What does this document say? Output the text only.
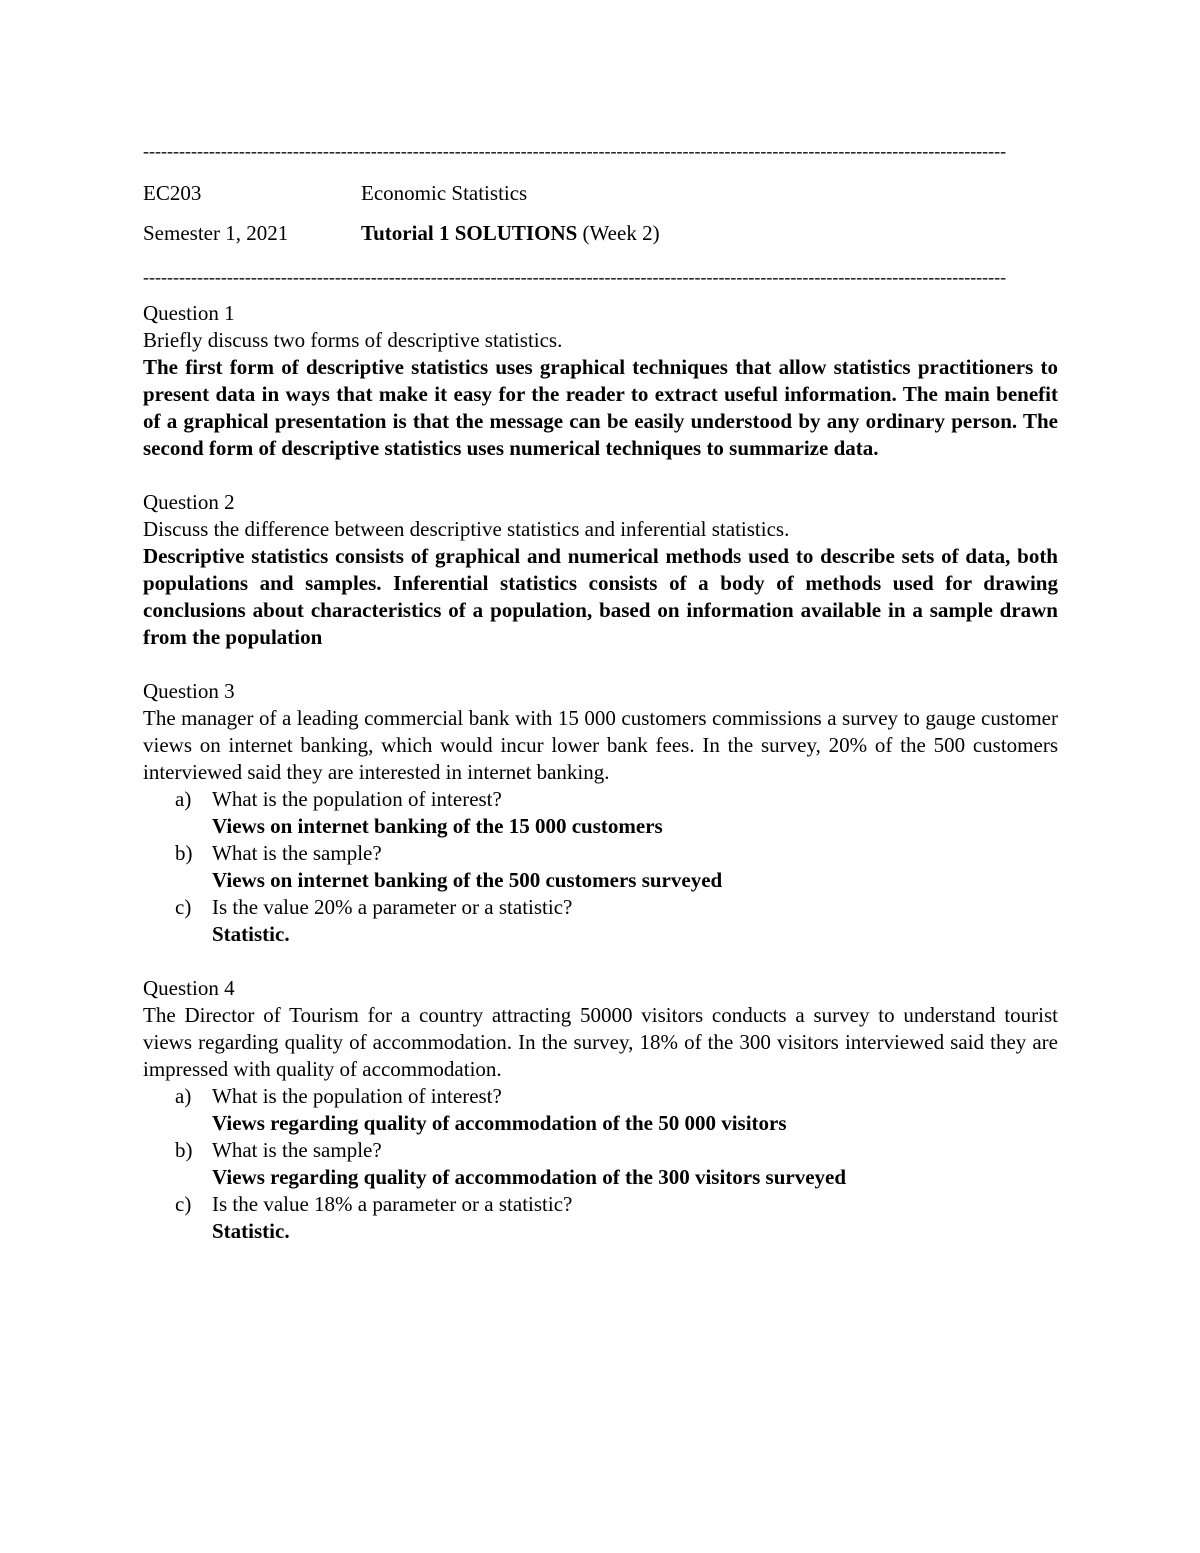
------------------------------------------------------------------------------------------------------------------------------------------------
EC203	Economic Statistics
Semester 1, 2021	Tutorial 1 SOLUTIONS (Week 2)
------------------------------------------------------------------------------------------------------------------------------------------------

Question 1

Briefly discuss two forms of descriptive statistics.

The first form of descriptive statistics uses graphical techniques that allow statistics practitioners to present data in ways that make it easy for the reader to extract useful information. The main benefit of a graphical presentation is that the message can be easily understood by any ordinary person. The second form of descriptive statistics uses numerical techniques to summarize data.

Question 2

Discuss the difference between descriptive statistics and inferential statistics.

Descriptive statistics consists of graphical and numerical methods used to describe sets of data, both populations and samples. Inferential statistics consists of a body of methods used for drawing conclusions about characteristics of a population, based on information available in a sample drawn from the population

Question 3

The manager of a leading commercial bank with 15 000 customers commissions a survey to gauge customer views on internet banking, which would incur lower bank fees. In the survey, 20% of the 500 customers interviewed said they are interested in internet banking.

a) What is the population of interest?
Views on internet banking of the 15 000 customers
b) What is the sample?
Views on internet banking of the 500 customers surveyed
c) Is the value 20% a parameter or a statistic?
Statistic.

Question 4

The Director of Tourism for a country attracting 50000 visitors conducts a survey to understand tourist views regarding quality of accommodation. In the survey, 18% of the 300 visitors interviewed said they are impressed with quality of accommodation.

a) What is the population of interest?
Views regarding quality of accommodation of the 50 000 visitors
b) What is the sample?
Views regarding quality of accommodation of the 300 visitors surveyed
c) Is the value 18% a parameter or a statistic?
Statistic.
